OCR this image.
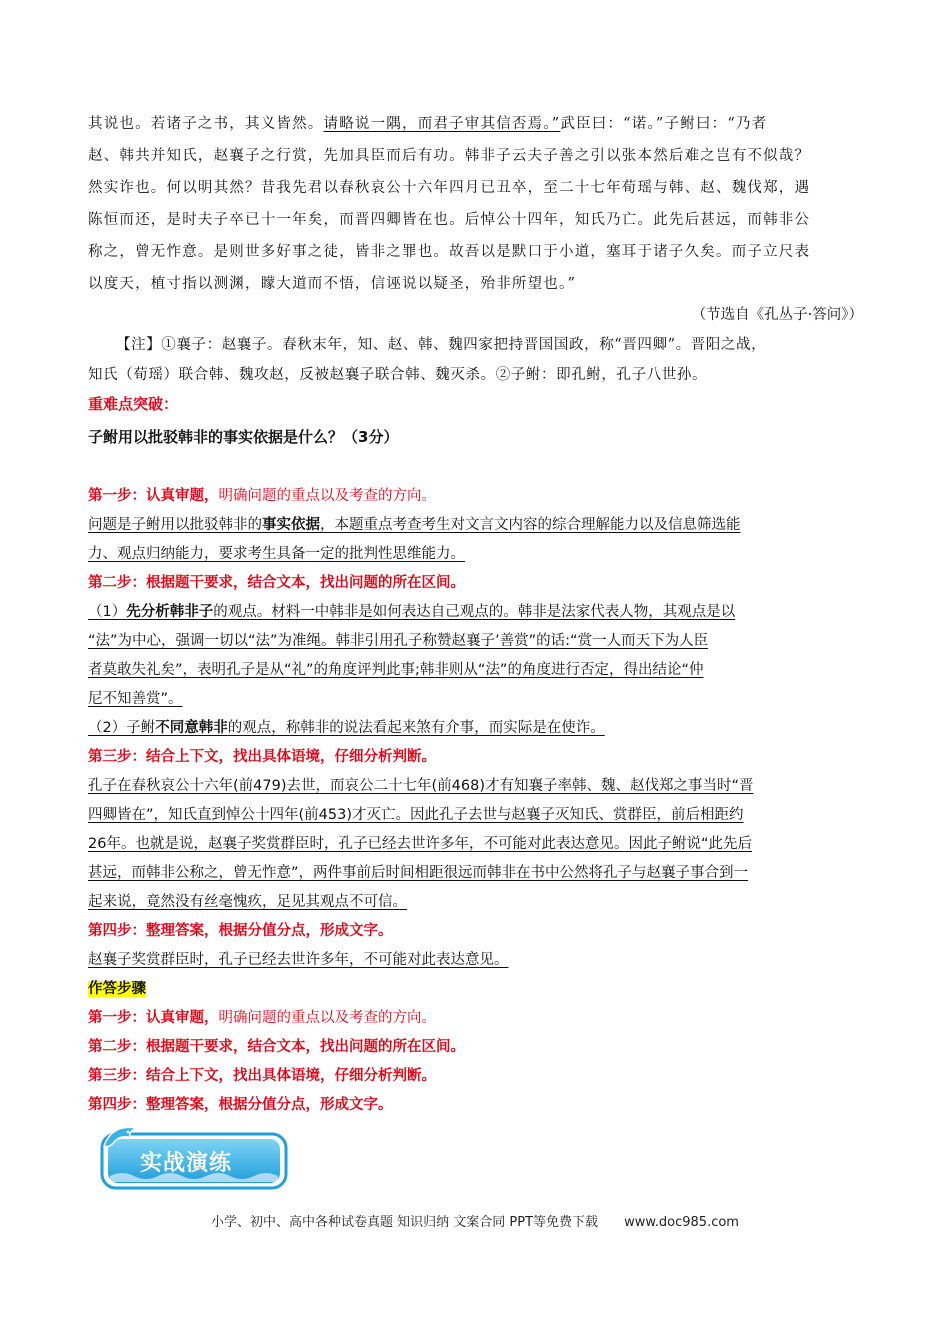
其说也。若诸子之书，其义皆然。请略说一隅，而君子审其信否焉。”武臣曰：“诺。”子鲋曰：“乃者

赵、韩共并知氏，赵襄子之行赏，先加具臣而后有功。韩非子云夫子善之引以张本然后难之岂有不似哉？

然实诈也。何以明其然？昔我先君以春秋哀公十六年四月已丑卒，至二十七年荀瑶与韩、赵、魏伐郑，遇

陈恒而还，是时夫子卒已十一年矣，而晋四卿皆在也。后悼公十四年，知氏乃亡。此先后甚远，而韩非公

称之，曾无怍意。是则世多好事之徒，皆非之罪也。故吾以是默口于小道，塞耳于诸子久矣。而子立尺表

以度天，植寸指以测渊，矇大道而不悟，信诬说以疑圣，殆非所望也。”

（节选自《孔丛子·答问》）

【注】①襄子：赵襄子。春秋末年，知、赵、韩、魏四家把持晋国国政，称“晋四卿”。晋阳之战，

知氏（荀瑶）联合韩、魏攻赵，反被赵襄子联合韩、魏灭杀。②子鲋：即孔鲋，孔子八世孙。

重难点突破：
子鲋用以批驳韩非的事实依据是什么？（3分）

第一步：认真审题，明确问题的重点以及考查的方向。

问题是子鲋用以批驳韩非的事实依据，本题重点考查考生对文言文内容的综合理解能力以及信息筛选能

力、观点归纳能力，要求考生具备一定的批判性思维能力。

第二步：根据题干要求，结合文本，找出问题的所在区间。

（1）先分析韩非子的观点。材料一中韩非是如何表达自己观点的。韩非是法家代表人物，其观点是以

“法”为中心，强调一切以“法”为准绳。韩非引用孔子称赞赵襄子’善赏”的话:“赏一人而天下为人臣

者莫敢失礼矣”，表明孔子是从“礼”的角度评判此事;韩非则从“法”的角度进行否定，得出结论“仲

尼不知善赏”。

（2）子鲋不同意韩非的观点，称韩非的说法看起来煞有介事，而实际是在使诈。

第三步：结合上下文，找出具体语境，仔细分析判断。

孔子在春秋哀公十六年(前479)去世，而哀公二十七年(前468)才有知襄子率韩、魏、赵伐郑之事当时“晋

四卿皆在”，知氏直到悼公十四年(前453)才灭亡。因此孔子去世与赵襄子灭知氏、赏群臣，前后相距约

26年。也就是说，赵襄子奖赏群臣时，孔子已经去世许多年，不可能对此表达意见。因此子鲋说“此先后

甚远，而韩非公称之，曾无怍意”，两件事前后时间相距很远而韩非在书中公然将孔子与赵襄子事合到一

起来说，竟然没有丝毫愧疚，足见其观点不可信。

第四步：整理答案，根据分值分点，形成文字。

赵襄子奖赏群臣时，孔子已经去世许多年，不可能对此表达意见。

作答步骤

第一步：认真审题，明确问题的重点以及考查的方向。

第二步：根据题干要求，结合文本，找出问题的所在区间。

第三步：结合上下文，找出具体语境，仔细分析判断。

第四步：整理答案，根据分值分点，形成文字。

实战演练
小学、初中、高中各种试卷真题 知识归纳 文案合同 PPT等免费下载 www.doc985.com
